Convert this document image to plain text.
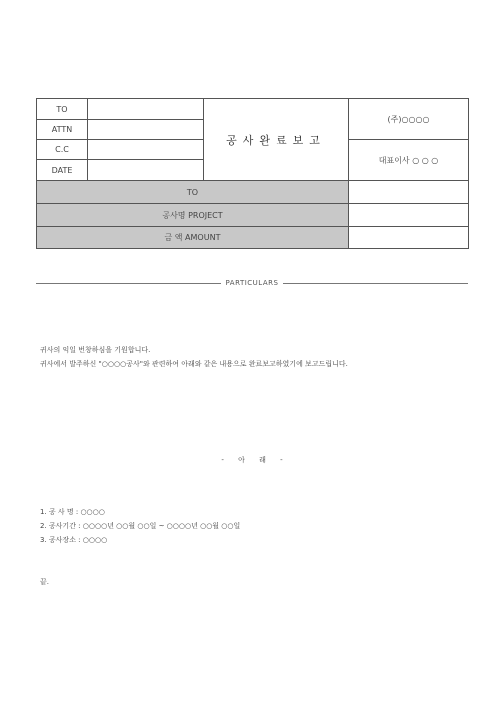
TO		공사완료보고	(주)○○○○
ATTN			
C.C			대표이사 ○ ○ ○
DATE			
TO			
공사명 PROJECT			
금 액 AMOUNT			
PARTICULARS
귀사의 익일 번창하심을 기원합니다.
귀사에서 발주하신 "○○○○공사"와 관련하여 아래와 같은 내용으로 완료보고하였기에 보고드립니다.
- 아 래 -
1. 공 사 명 : ○○○○
2. 공사기간 : ○○○○년 ○○월 ○○일 ~ ○○○○년 ○○월 ○○일
3. 공사장소 : ○○○○
끝.
